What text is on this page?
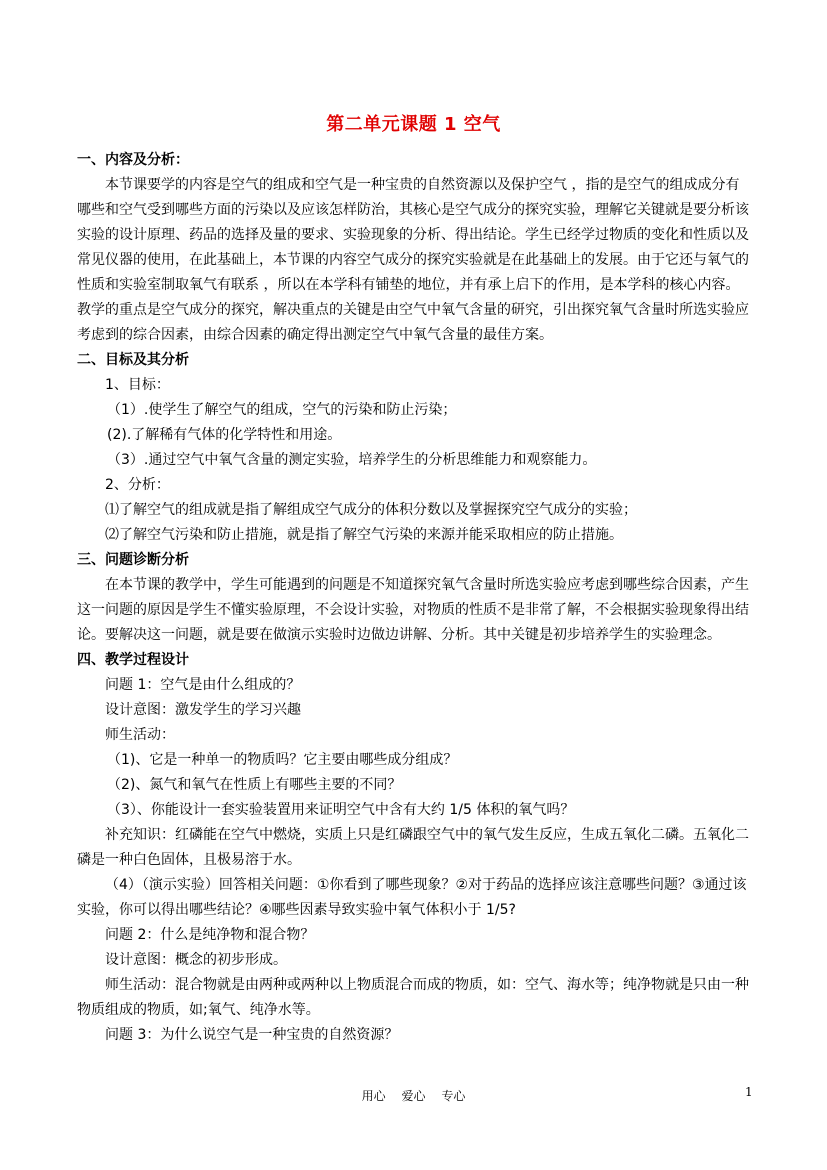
第二单元课题 1 空气

一、内容及分析：

本节课要学的内容是空气的组成和空气是一种宝贵的自然资源以及保护空气 ，指的是空气的组成成分有哪些和空气受到哪些方面的污染以及应该怎样防治，其核心是空气成分的探究实验，理解它关键就是要分析该实验的设计原理、药品的选择及量的要求、实验现象的分析、得出结论。学生已经学过物质的变化和性质以及常见仪器的使用，在此基础上，本节课的内容空气成分的探究实验就是在此基础上的发展。由于它还与氧气的性质和实验室制取氧气有联系 ，所以在本学科有铺垫的地位，并有承上启下的作用，是本学科的核心内容。教学的重点是空气成分的探究，解决重点的关键是由空气中氧气含量的研究，引出探究氧气含量时所选实验应考虑到的综合因素，由综合因素的确定得出测定空气中氧气含量的最佳方案。

二、目标及其分析

1、目标：

（1）.使学生了解空气的组成，空气的污染和防止污染；

(2).了解稀有气体的化学特性和用途。

（3）.通过空气中氧气含量的测定实验，培养学生的分析思维能力和观察能力。

2、分析：

⑴了解空气的组成就是指了解组成空气成分的体积分数以及掌握探究空气成分的实验；

⑵了解空气污染和防止措施，就是指了解空气污染的来源并能采取相应的防止措施。

三、问题诊断分析

在本节课的教学中，学生可能遇到的问题是不知道探究氧气含量时所选实验应考虑到哪些综合因素，产生这一问题的原因是学生不懂实验原理，不会设计实验，对物质的性质不是非常了解，不会根据实验现象得出结论。要解决这一问题，就是要在做演示实验时边做边讲解、分析。其中关键是初步培养学生的实验理念。

四、教学过程设计

问题 1：空气是由什么组成的？

设计意图：激发学生的学习兴趣

师生活动：

（1)、它是一种单一的物质吗？它主要由哪些成分组成？

（2)、氮气和氧气在性质上有哪些主要的不同？

（3）、你能设计一套实验装置用来证明空气中含有大约 1/5 体积的氧气吗？

补充知识：红磷能在空气中燃烧，实质上只是红磷跟空气中的氧气发生反应，生成五氧化二磷。五氧化二磷是一种白色固体，且极易溶于水。

（4）（演示实验）回答相关问题：①你看到了哪些现象？②对于药品的选择应该注意哪些问题？③通过该实验，你可以得出哪些结论？④哪些因素导致实验中氧气体积小于 1/5?

问题 2：什么是纯净物和混合物？

设计意图：概念的初步形成。

师生活动：混合物就是由两种或两种以上物质混合而成的物质，如：空气、海水等；纯净物就是只由一种物质组成的物质，如;氧气、纯净水等。

问题 3：为什么说空气是一种宝贵的自然资源？

用心 爱心 专心	1
